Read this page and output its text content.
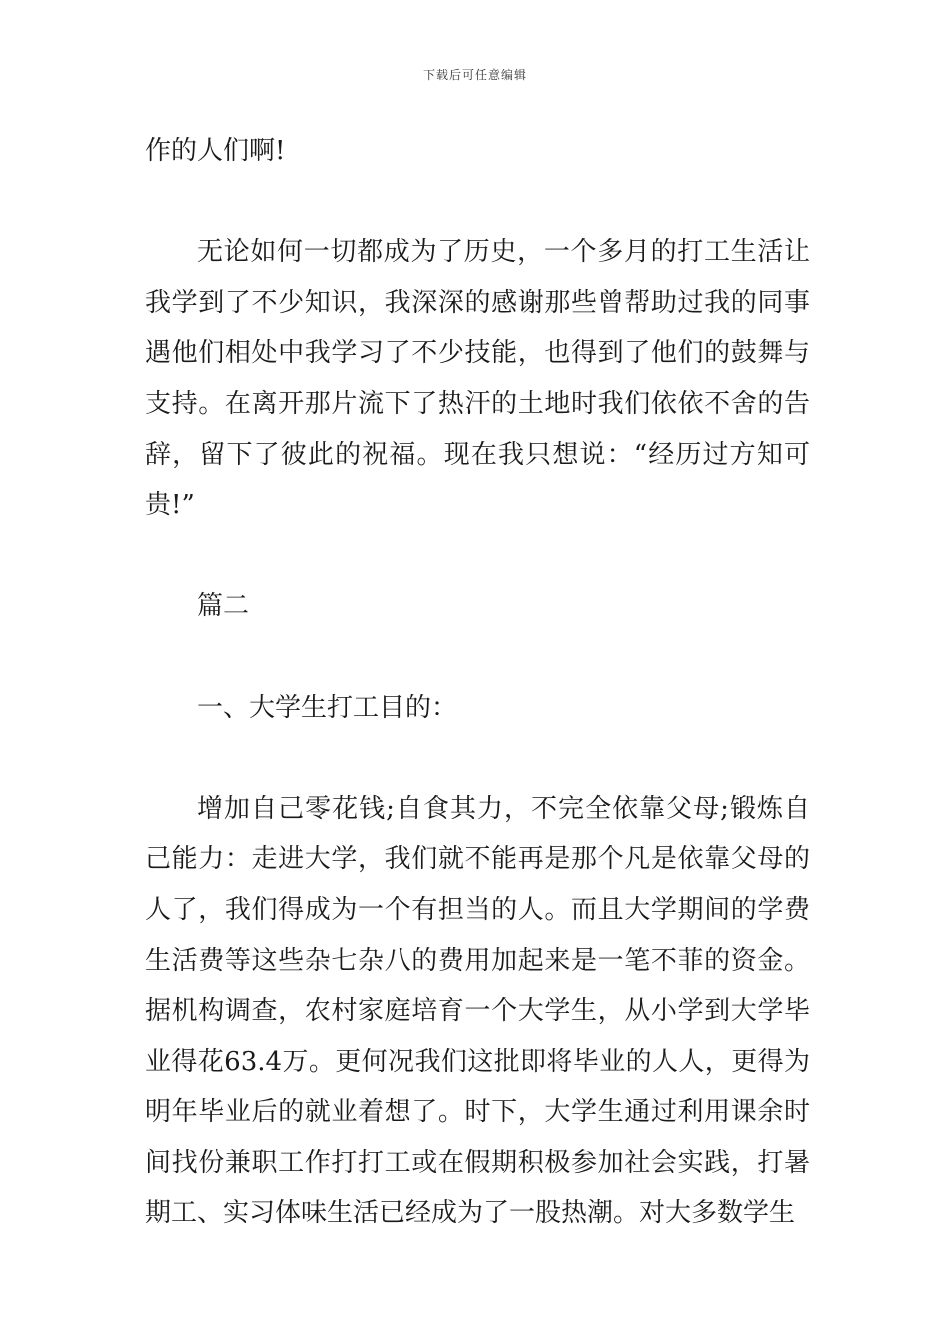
下载后可任意编辑

作的人们啊!

无论如何一切都成为了历史，一个多月的打工生活让我学到了不少知识，我深深的感谢那些曾帮助过我的同事遇他们相处中我学习了不少技能，也得到了他们的鼓舞与支持。在离开那片流下了热汗的土地时我们依依不舍的告辞，留下了彼此的祝福。现在我只想说：“经历过方知可贵!”

篇二

一、大学生打工目的：

增加自己零花钱;自食其力，不完全依靠父母;锻炼自己能力：走进大学，我们就不能再是那个凡是依靠父母的人了，我们得成为一个有担当的人。而且大学期间的学费生活费等这些杂七杂八的费用加起来是一笔不菲的资金。据机构调查，农村家庭培育一个大学生，从小学到大学毕业得花63.4万。更何况我们这批即将毕业的人人，更得为明年毕业后的就业着想了。时下，大学生通过利用课余时间找份兼职工作打打工或在假期积极参加社会实践，打暑期工、实习体味生活已经成为了一股热潮。对大多数学生
